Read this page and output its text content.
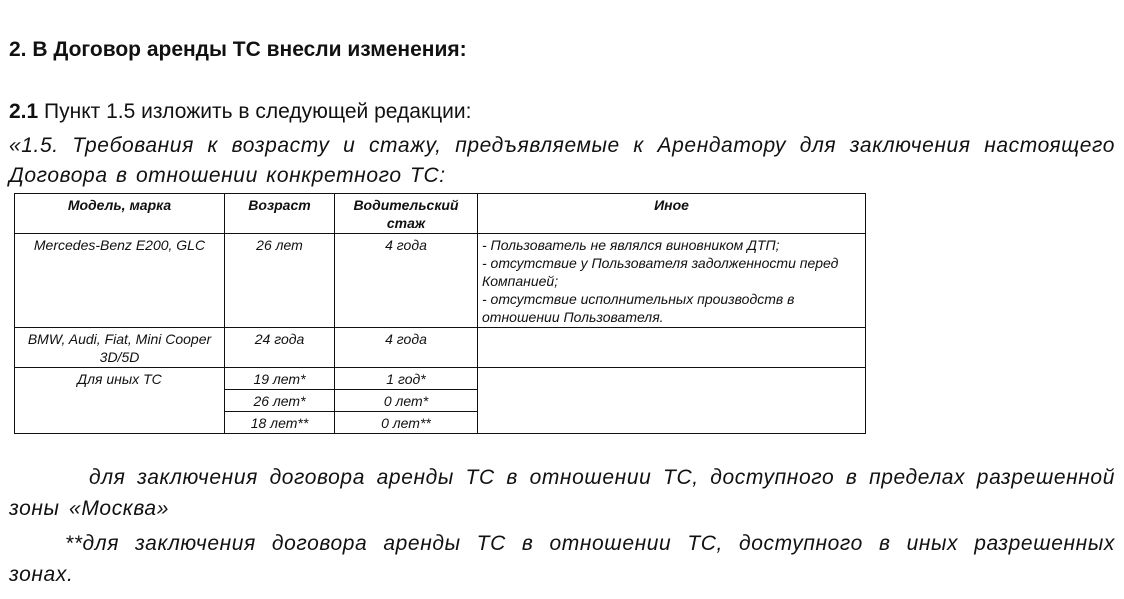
2. В Договор аренды ТС внесли изменения:
2.1 Пункт 1.5 изложить в следующей редакции:
«1.5. Требования к возрасту и стажу, предъявляемые к Арендатору для заключения настоящего Договора в отношении конкретного ТС:
Модель, марка	Возраст	Водительский стаж	Иное
Mercedes-Benz E200, GLC	26 лет	4 года	- Пользователь не являлся виновником ДТП;
- отсутствие у Пользователя задолженности перед Компанией;
- отсутствие исполнительных производств в отношении Пользователя.

BMW, Audi, Fiat, Mini Cooper 3D/5D	24 года	4 года	
Для иных ТС	19 лет*	1 год*	
	26 лет*	0 лет*	
	18 лет**	0 лет**	
для заключения договора аренды ТС в отношении ТС, доступного в пределах разрешенной зоны «Москва»
**для заключения договора аренды ТС в отношении ТС, доступного в иных разрешенных зонах.
